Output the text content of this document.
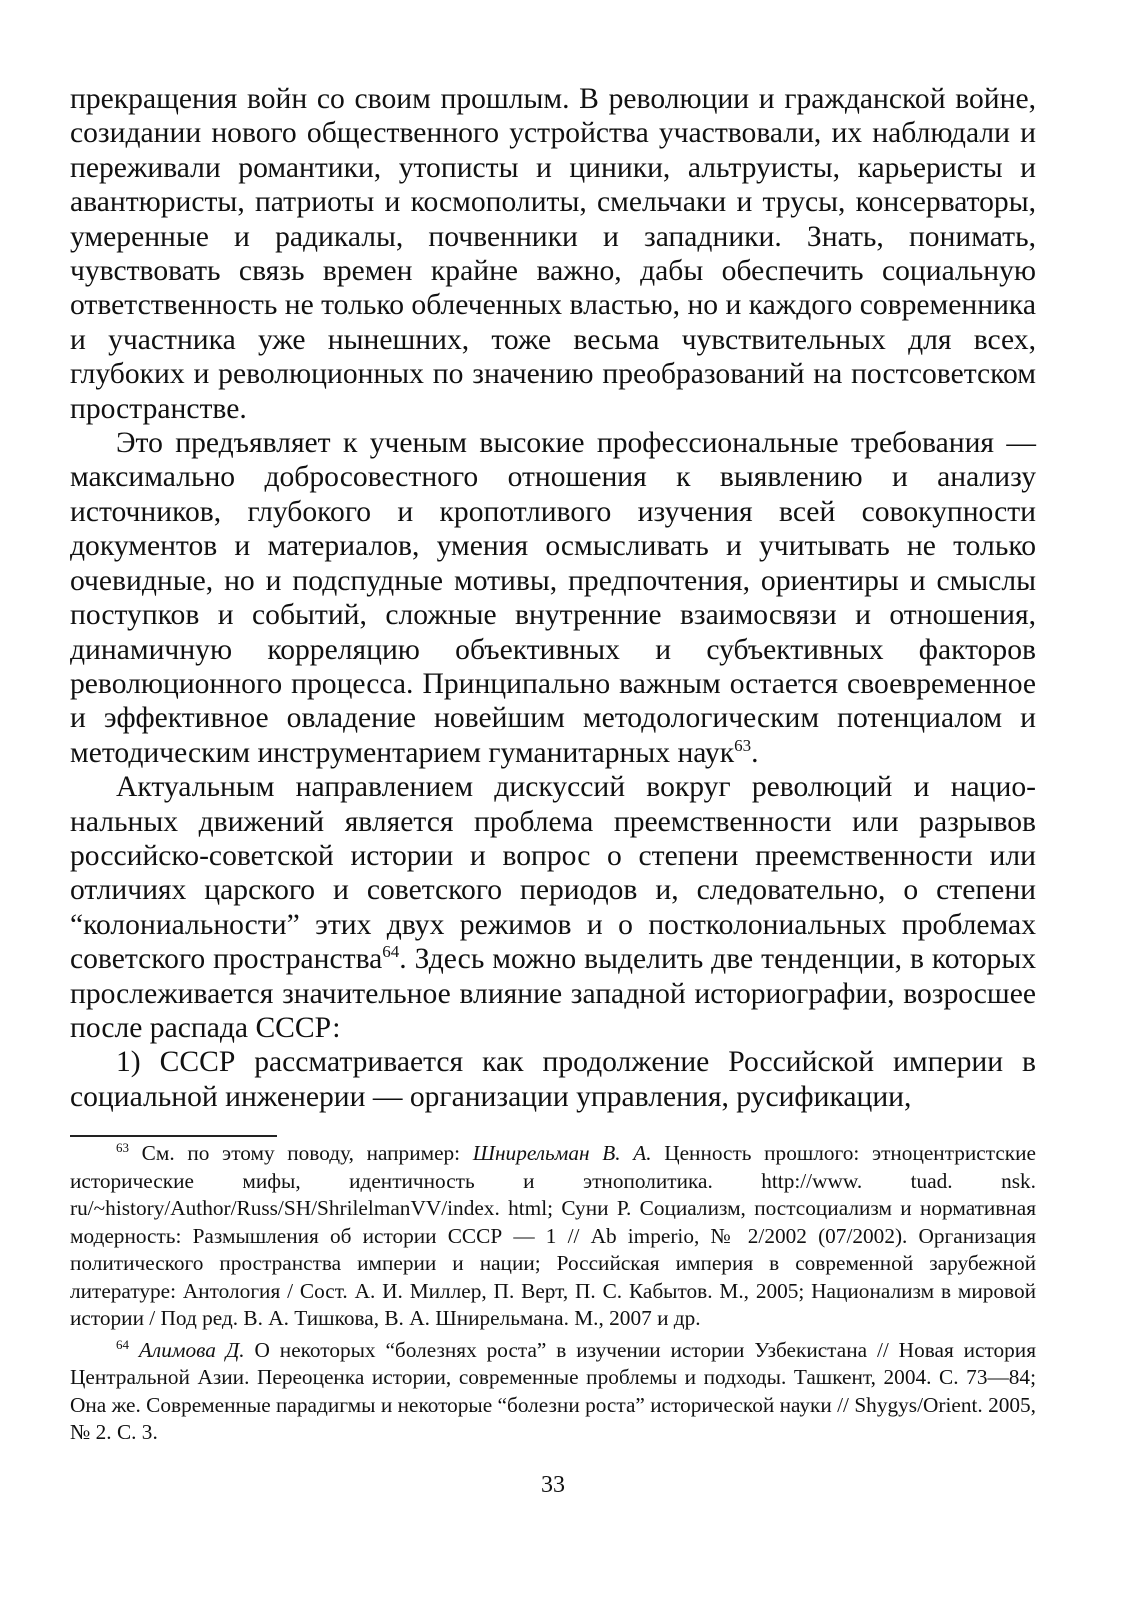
прекращения войн со своим прошлым. В революции и гражданской войне, созидании нового общественного устройства участвовали, их наблюдали и переживали романтики, утописты и циники, альтруисты, карьеристы и авантюристы, патриоты и космополиты, смельчаки и трусы, консерваторы, умеренные и радикалы, почвенники и западники. Знать, понимать, чувствовать связь времен крайне важно, дабы обеспечить социальную ответственность не только облеченных властью, но и каждого современника и участника уже нынешних, тоже весьма чувствительных для всех, глубоких и революционных по значению преобразований на постсоветском пространстве.

Это предъявляет к ученым высокие профессиональные требования — максимально добросовестного отношения к выявлению и анализу источников, глубокого и кропотливого изучения всей совокупности документов и материалов, умения осмысливать и учитывать не только очевидные, но и подспудные мотивы, предпочтения, ориентиры и смыслы поступков и событий, сложные внутренние взаимосвязи и отношения, динамичную корреляцию объективных и субъективных факторов революционного процесса. Принципально важным остается своевременное и эффективное овладение новейшим методологическим потенциалом и методическим инструментарием гуманитарных наук$^{63}$.

Актуальным направлением дискуссий вокруг революций и национальных движений является проблема преемственности или разрывов российско-советской истории и вопрос о степени преемственности или отличиях царского и советского периодов и, следовательно, о степени “колониальности” этих двух режимов и о постколониальных проблемах советского пространства$^{64}$. Здесь можно выделить две тенденции, в которых прослеживается значительное влияние западной историографии, возросшее после распада СССР:

1) СССР рассматривается как продолжение Российской империи в социальной инженерии — организации управления, русификации,

$^{63}$ См. по этому поводу, например: Шнирельман В. А. Ценность прошлого: этноцентристские исторические мифы, идентичность и этнополитика. http://www. tuad. nsk. ru/~history/Author/Russ/SH/ShrilelmanVV/index. html; Суни Р. Социализм, постсоциализм и нормативная модерность: Размышления об истории СССР — 1 // Ab imperio, № 2/2002 (07/2002). Организация политического пространства империи и нации; Российская империя в современной зарубежной литературе: Антология / Сост. А. И. Миллер, П. Верт, П. С. Кабытов. М., 2005; Национализм в мировой истории / Под ред. В. А. Тишкова, В. А. Шнирельмана. М., 2007 и др.

$^{64}$ Алимова Д. О некоторых “болезнях роста” в изучении истории Узбекистана // Новая история Центральной Азии. Переоценка истории, современные проблемы и подходы. Ташкент, 2004. С. 73—84; Она же. Современные парадигмы и некоторые “болезни роста” исторической науки // Shygys/Orient. 2005, № 2. С. 3.

33
